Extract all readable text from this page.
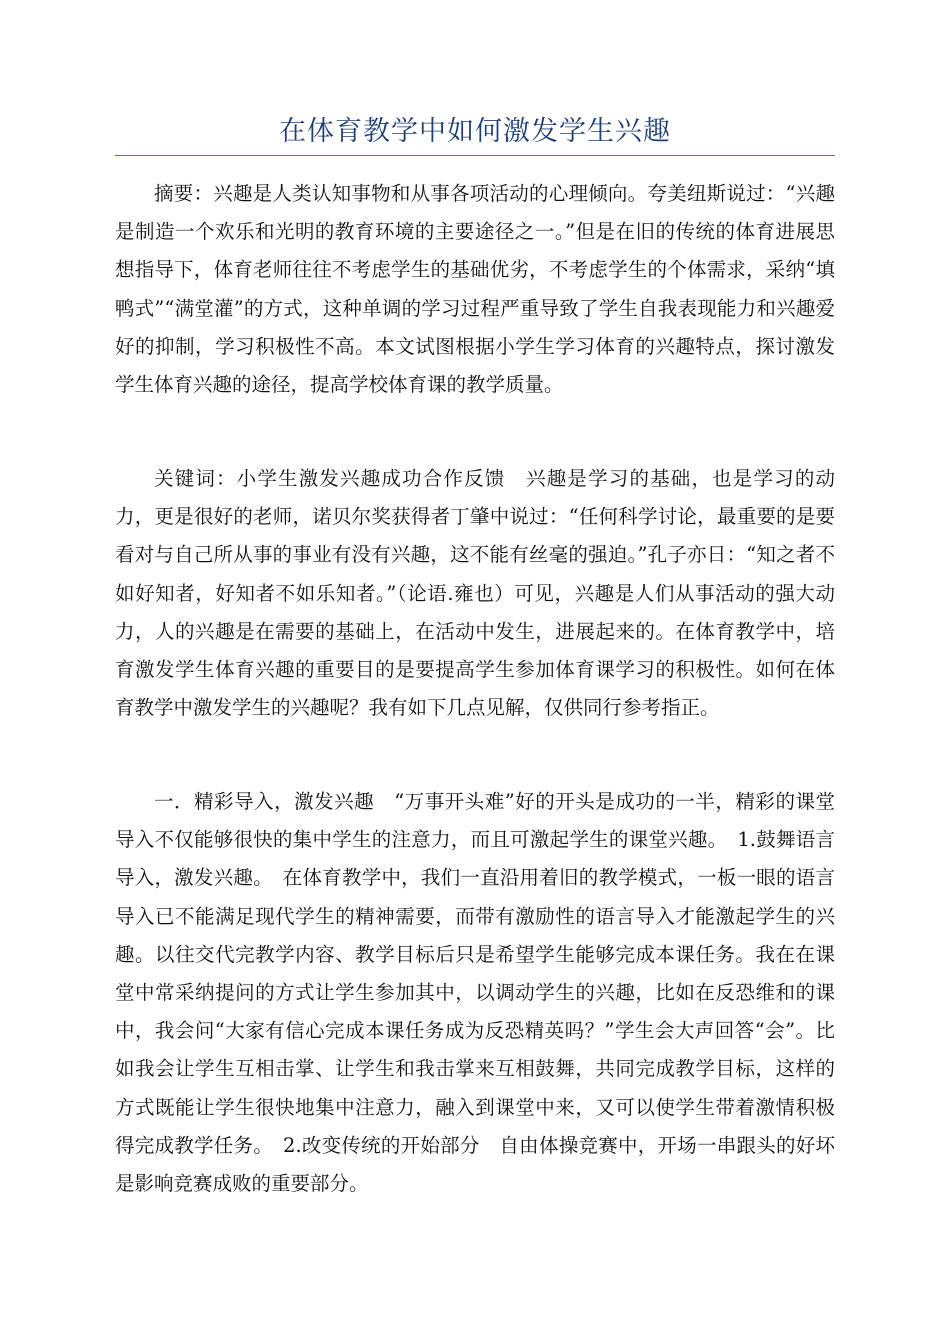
在体育教学中如何激发学生兴趣

摘要：兴趣是人类认知事物和从事各项活动的心理倾向。夸美纽斯说过：“兴趣是制造一个欢乐和光明的教育环境的主要途径之一。”但是在旧的传统的体育进展思想指导下，体育老师往往不考虑学生的基础优劣，不考虑学生的个体需求，采纳“填鸭式”“满堂灌”的方式，这种单调的学习过程严重导致了学生自我表现能力和兴趣爱好的抑制，学习积极性不高。本文试图根据小学生学习体育的兴趣特点，探讨激发学生体育兴趣的途径，提高学校体育课的教学质量。

关键词：小学生激发兴趣成功合作反馈　兴趣是学习的基础，也是学习的动力，更是很好的老师，诺贝尔奖获得者丁肇中说过：“任何科学讨论，最重要的是要看对与自己所从事的事业有没有兴趣，这不能有丝毫的强迫。”孔子亦日：“知之者不如好知者，好知者不如乐知者。”（论语.雍也）可见，兴趣是人们从事活动的强大动力，人的兴趣是在需要的基础上，在活动中发生，进展起来的。在体育教学中，培育激发学生体育兴趣的重要目的是要提高学生参加体育课学习的积极性。如何在体育教学中激发学生的兴趣呢？我有如下几点见解，仅供同行参考指正。

一．精彩导入，激发兴趣　“万事开头难”好的开头是成功的一半，精彩的课堂导入不仅能够很快的集中学生的注意力，而且可激起学生的课堂兴趣。　1.鼓舞语言导入，激发兴趣。　在体育教学中，我们一直沿用着旧的教学模式，一板一眼的语言导入已不能满足现代学生的精神需要，而带有激励性的语言导入才能激起学生的兴趣。以往交代完教学内容、教学目标后只是希望学生能够完成本课任务。我在在课堂中常采纳提问的方式让学生参加其中，以调动学生的兴趣，比如在反恐维和的课中，我会问“大家有信心完成本课任务成为反恐精英吗？”学生会大声回答“会”。比如我会让学生互相击掌、让学生和我击掌来互相鼓舞，共同完成教学目标，这样的方式既能让学生很快地集中注意力，融入到课堂中来，又可以使学生带着激情积极得完成教学任务。　2.改变传统的开始部分　自由体操竞赛中，开场一串跟头的好坏是影响竞赛成败的重要部分。
